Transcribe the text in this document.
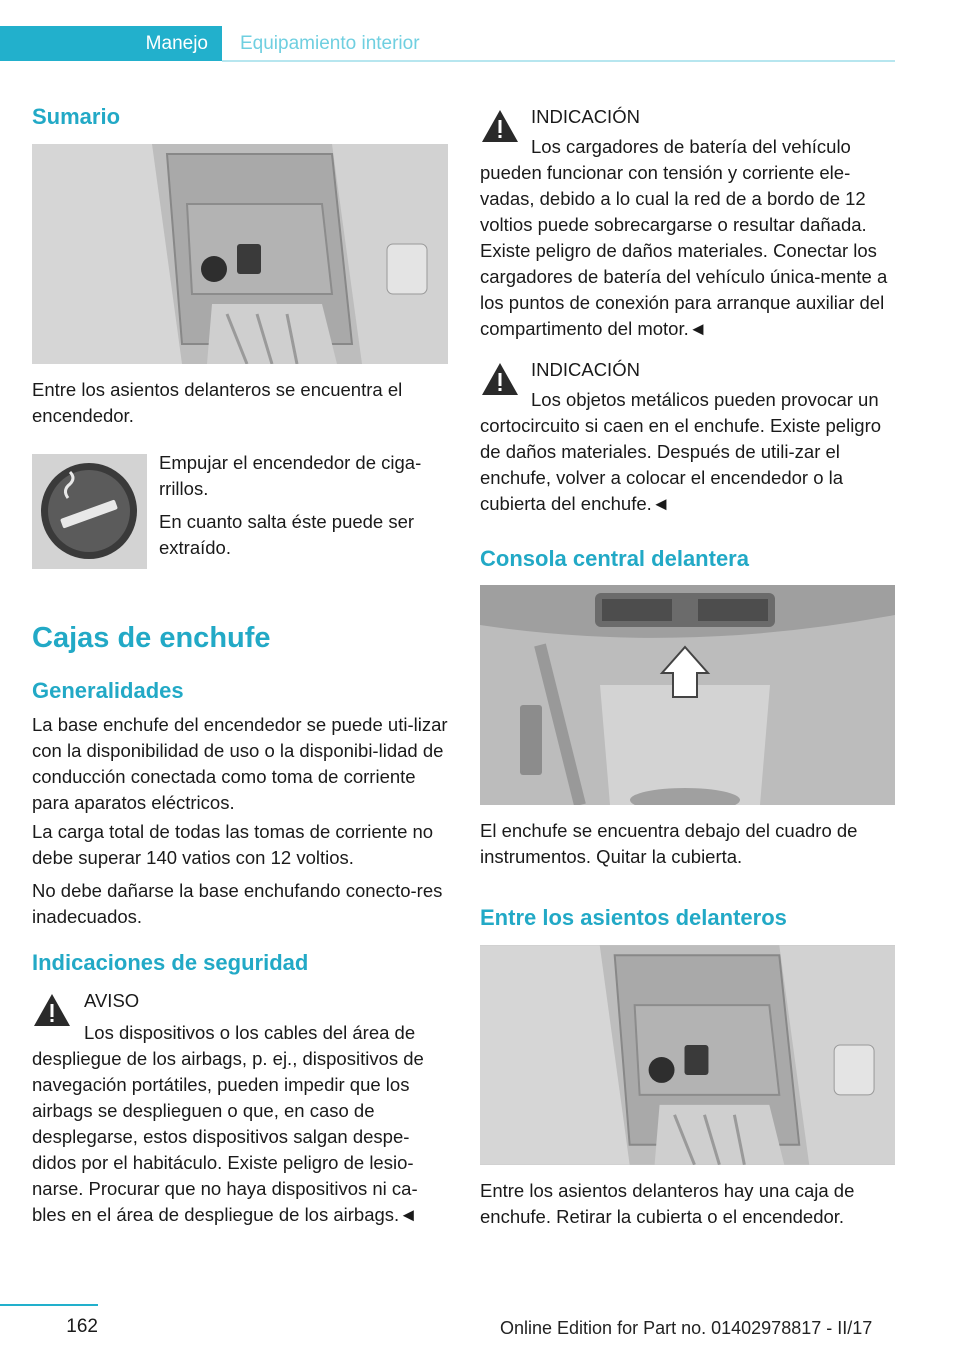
Manejo	Equipamiento interior
Sumario

Entre los asientos delanteros se encuentra el encendedor.

Empujar el encendedor de ciga-rrillos.

En cuanto salta éste puede ser extraído.

Cajas de enchufe
Generalidades

La base enchufe del encendedor se puede uti-lizar con la disponibilidad de uso o la disponibi-lidad de conducción conectada como toma de corriente para aparatos eléctricos.

La carga total de todas las tomas de corriente no debe superar 140 vatios con 12 voltios.

No debe dañarse la base enchufando conecto-res inadecuados.

Indicaciones de seguridad

AVISO

Los dispositivos o los cables del área de despliegue de los airbags, p. ej., dispositivos de navegación portátiles, pueden impedir que los airbags se desplieguen o que, en caso de desplegarse, estos dispositivos salgan despe-didos por el habitáculo. Existe peligro de lesio-narse. Procurar que no haya dispositivos ni ca-bles en el área de despliegue de los airbags.◄

INDICACIÓN

Los cargadores de batería del vehículo pueden funcionar con tensión y corriente ele-vadas, debido a lo cual la red de a bordo de 12 voltios puede sobrecargarse o resultar dañada. Existe peligro de daños materiales. Conectar los cargadores de batería del vehículo única-mente a los puntos de conexión para arranque auxiliar del compartimento del motor.◄

INDICACIÓN

Los objetos metálicos pueden provocar un cortocircuito si caen en el enchufe. Existe peligro de daños materiales. Después de utili-zar el enchufe, volver a colocar el encendedor o la cubierta del enchufe.◄

Consola central delantera

El enchufe se encuentra debajo del cuadro de instrumentos. Quitar la cubierta.

Entre los asientos delanteros

Entre los asientos delanteros hay una caja de enchufe. Retirar la cubierta o el encendedor.

162	Online Edition for Part no. 01402978817 - II/17
